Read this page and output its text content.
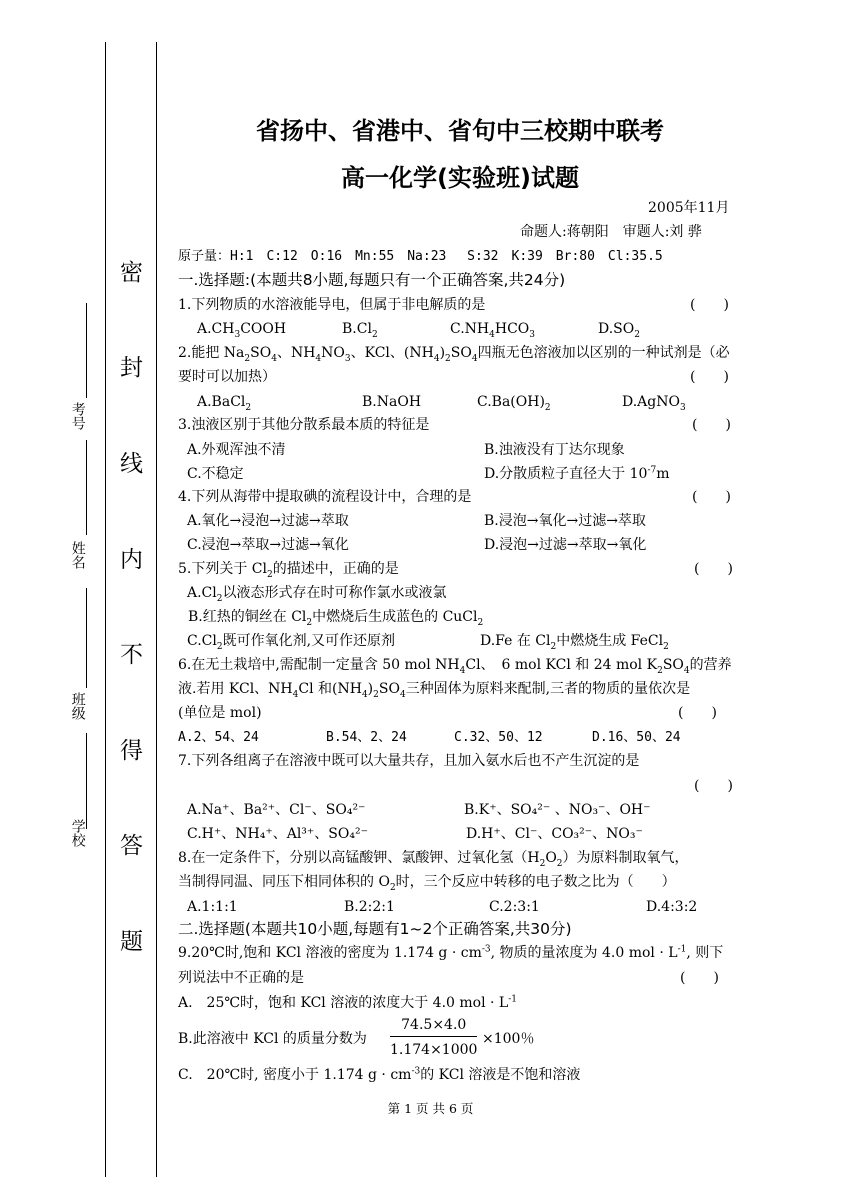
密
封
线
内
不
得
答
题
考号
姓名
班级
学校
省扬中、省港中、省句中三校期中联考
高一化学(实验班)试题
2005年11月
命题人:蒋朝阳　审题人:刘 骅
原子量：H:1　C:12　O:16　Mn:55　Na:23　 S:32　K:39　Br:80　Cl:35.5
一.选择题:(本题共8小题,每题只有一个正确答案,共24分)
1.下列物质的水溶液能导电，但属于非电解质的是	(　　)
$A.CH_3COOH$	$B.Cl_2$	$C.NH_4HCO_3$	$D.SO_2$
2.能把 $Na_2SO_4$、$NH_4NO_3$、KCl、$(NH_4)_2SO_4$四瓶无色溶液加以区别的一种试剂是（必
要时可以加热）	(　　)
A.BaCl$_2$	B.NaOH	$C.Ba(OH)_2$	D.AgNO$_3$
3.浊液区别于其他分散系最本质的特征是	(　　)
A.外观浑浊不清	B.浊液没有丁达尔现象
C.不稳定	D.分散质粒子直径大于 $10^{-7}m$
4.下列从海带中提取碘的流程设计中，合理的是	(　　)
A.氧化→浸泡→过滤→萃取	B.浸泡→氧化→过滤→萃取
C.浸泡→萃取→过滤→氧化	D.浸泡→过滤→萃取→氧化
5.下列关于 $Cl_2$的描述中，正确的是	(　　)
$A.Cl_2$以液态形式存在时可称作氯水或液氯
B.红热的铜丝在 $Cl_2$中燃烧后生成蓝色的 CuCl$_2$
$C.Cl_2$既可作氧化剂,又可作还原剂	D.Fe 在 $Cl_2$中燃烧生成 FeCl$_2$
6.在无土栽培中,需配制一定量含 50 mol $NH_4Cl$、　6 mol KCl 和 24 mol $K_2SO_4$的营养
液.若用 KCl、$NH_4Cl$ 和$(NH_4)_2SO_4$三种固体为原料来配制,三者的物质的量依次是
(单位是 mol)	(　　)
A.2、54、24	B.54、2、24	C.32、50、12	D.16、50、24
7.下列各组离子在溶液中既可以大量共存，且加入氨水后也不产生沉淀的是
(　　)
A.Na⁺、Ba²⁺、Cl⁻、SO₄²⁻	B.K⁺、SO₄²⁻ 、NO₃⁻、OH⁻
C.H⁺、NH₄⁺、Al³⁺、SO₄²⁻	D.H⁺、Cl⁻、CO₃²⁻、NO₃⁻
8.在一定条件下，分别以高锰酸钾、氯酸钾、过氧化氢$(H_2O_2)$为原料制取氧气，
当制得同温、同压下相同体积的 $O_2$时，三个反应中转移的电子数之比为（　　）
A.1:1:1	B.2:2:1	C.2:3:1	D.4:3:2
二.选择题(本题共10小题,每题有1~2个正确答案,共30分)
9.20℃时,饱和 KCl 溶液的密度为 1.174 $g \cdot cm^{-3}$, 物质的量浓度为 4.0 mol · $L^{-1}$, 则下
列说法中不正确的是	(　　)
A.　25℃时，饱和 KCl 溶液的浓度大于 4.0 mol · $L^{-1}$
B.此溶液中 KCl 的质量分数为 $\frac{74.5\times 4.0}{1.174\times 1000} \times 100$％
C.　20℃时, 密度小于 1.174 $g \cdot cm^{-3}$的 KCl 溶液是不饱和溶液
第 1 页 共 6 页
